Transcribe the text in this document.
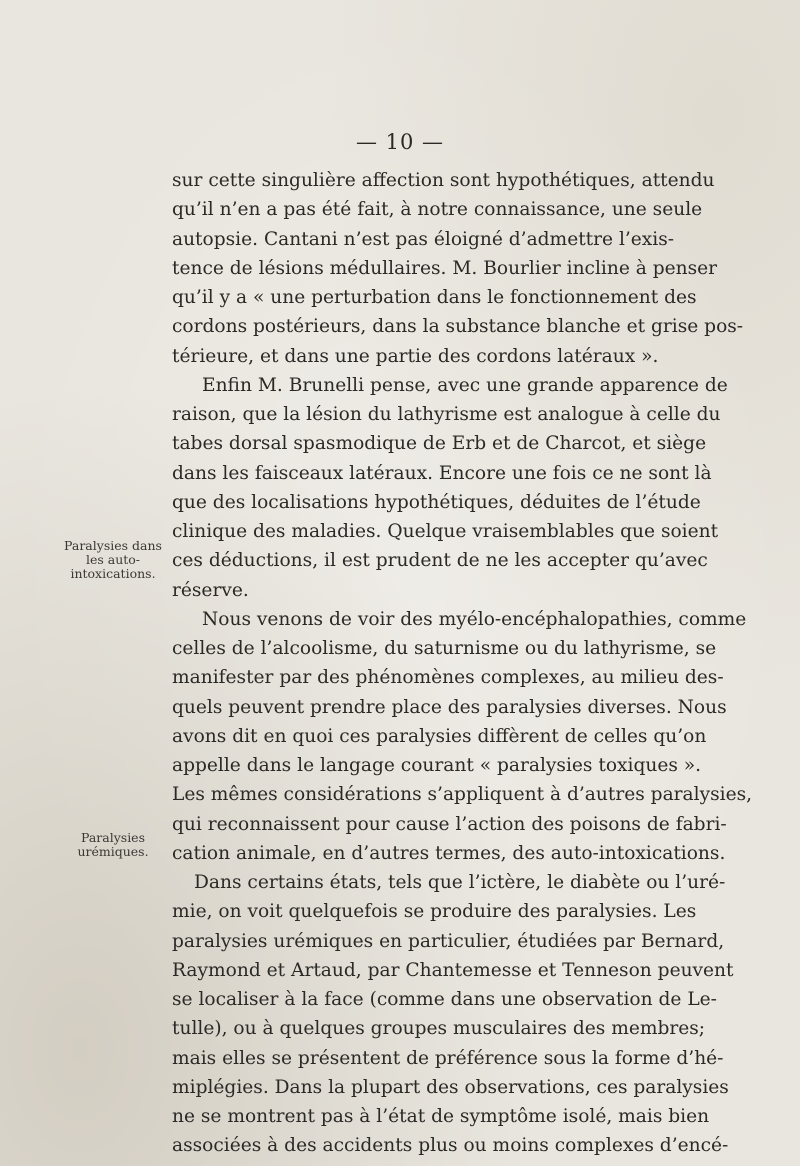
— 10 —
Paralysies dans
les auto-
intoxications.
Paralysies
urémiques.
sur cette singulière affection sont hypothétiques, attendu
qu’il n’en a pas été fait, à notre connaissance, une seule
autopsie. Cantani n’est pas éloigné d’admettre l’exis-
tence de lésions médullaires. M. Bourlier incline à penser
qu’il y a « une perturbation dans le fonctionnement des
cordons postérieurs, dans la substance blanche et grise pos-
térieure, et dans une partie des cordons latéraux ».
Enfin M. Brunelli pense, avec une grande apparence de
raison, que la lésion du lathyrisme est analogue à celle du
tabes dorsal spasmodique de Erb et de Charcot, et siège
dans les faisceaux latéraux. Encore une fois ce ne sont là
que des localisations hypothétiques, déduites de l’étude
clinique des maladies. Quelque vraisemblables que soient
ces déductions, il est prudent de ne les accepter qu’avec
réserve.
Nous venons de voir des myélo-encéphalopathies, comme
celles de l’alcoolisme, du saturnisme ou du lathyrisme, se
manifester par des phénomènes complexes, au milieu des-
quels peuvent prendre place des paralysies diverses. Nous
avons dit en quoi ces paralysies diffèrent de celles qu’on
appelle dans le langage courant « paralysies toxiques ».
Les mêmes considérations s’appliquent à d’autres paralysies,
qui reconnaissent pour cause l’action des poisons de fabri-
cation animale, en d’autres termes, des auto-intoxications.
Dans certains états, tels que l’ictère, le diabète ou l’uré-
mie, on voit quelquefois se produire des paralysies. Les
paralysies urémiques en particulier, étudiées par Bernard,
Raymond et Artaud, par Chantemesse et Tenneson peuvent
se localiser à la face (comme dans une observation de Le-
tulle), ou à quelques groupes musculaires des membres;
mais elles se présentent de préférence sous la forme d’hé-
miplégies. Dans la plupart des observations, ces paralysies
ne se montrent pas à l’état de symptôme isolé, mais bien
associées à des accidents plus ou moins complexes d’encé-
